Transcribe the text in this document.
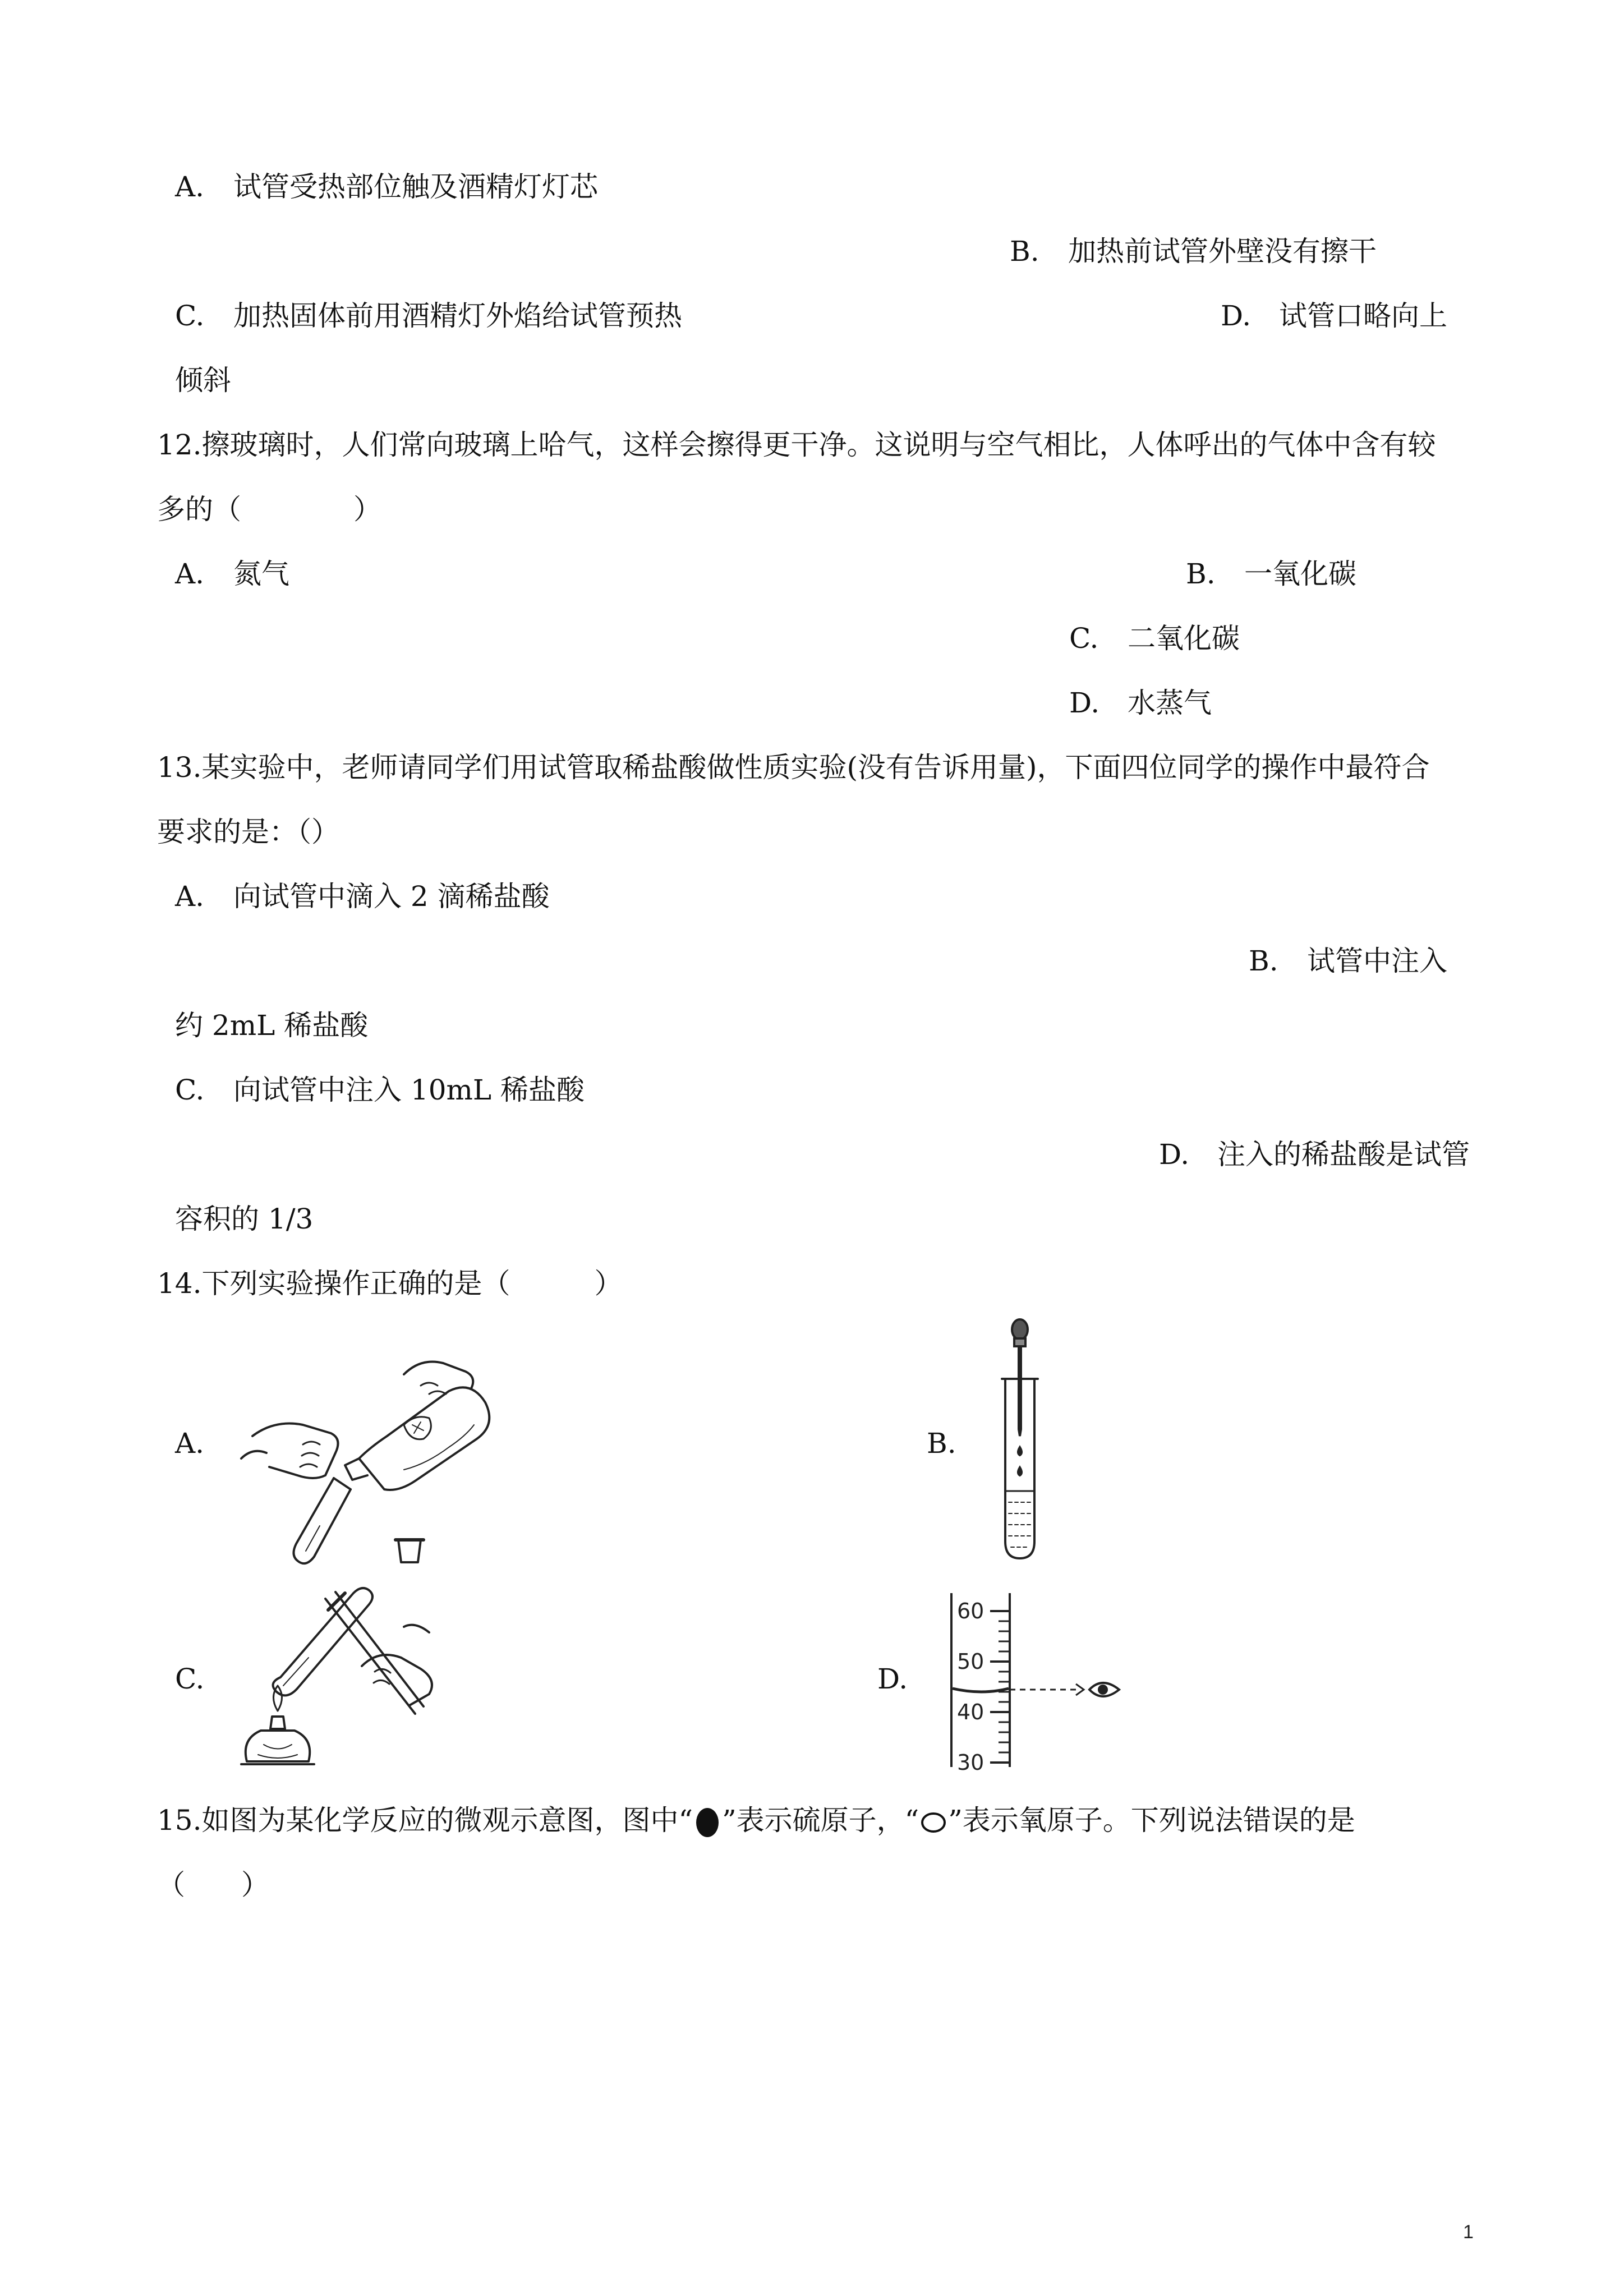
A. 试管受热部位触及酒精灯灯芯
B. 加热前试管外壁没有擦干
C. 加热固体前用酒精灯外焰给试管预热	D. 试管口略向上
倾斜
12.擦玻璃时，人们常向玻璃上哈气，这样会擦得更干净。这说明与空气相比，人体呼出的气体中含有较
多的（　　　　）
A. 氮气	B. 一氧化碳
C. 二氧化碳
D. 水蒸气
13.某实验中，老师请同学们用试管取稀盐酸做性质实验(没有告诉用量)，下面四位同学的操作中最符合
要求的是：（）
A. 向试管中滴入 2 滴稀盐酸
B. 试管中注入
约 2mL 稀盐酸
C. 向试管中注入 10mL 稀盐酸
D. 注入的稀盐酸是试管
容积的 1/3
14.下列实验操作正确的是（　　　）
A.	B.
C.	D.
60
50
40
30
15.如图为某化学反应的微观示意图，图中“ ”表示硫原子，“ ”表示氧原子。下列说法错误的是
（　　）
1
